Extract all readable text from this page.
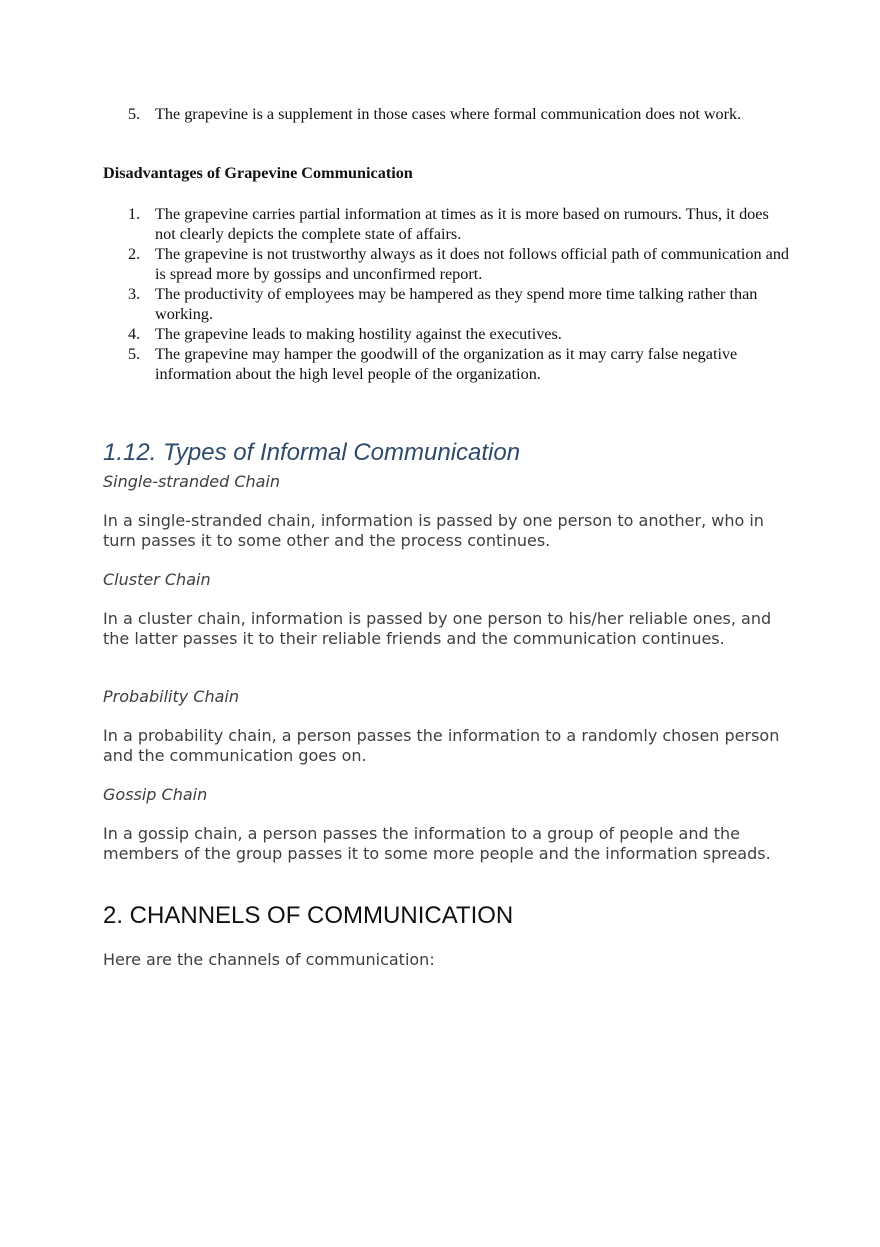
5. The grapevine is a supplement in those cases where formal communication does not work.
Disadvantages of Grapevine Communication
1. The grapevine carries partial information at times as it is more based on rumours. Thus, it does not clearly depicts the complete state of affairs.
2. The grapevine is not trustworthy always as it does not follows official path of communication and is spread more by gossips and unconfirmed report.
3. The productivity of employees may be hampered as they spend more time talking rather than working.
4. The grapevine leads to making hostility against the executives.
5. The grapevine may hamper the goodwill of the organization as it may carry false negative information about the high level people of the organization.
1.12. Types of Informal Communication
Single-stranded Chain
In a single-stranded chain, information is passed by one person to another, who in turn passes it to some other and the process continues.
Cluster Chain
In a cluster chain, information is passed by one person to his/her reliable ones, and the latter passes it to their reliable friends and the communication continues.
Probability Chain
In a probability chain, a person passes the information to a randomly chosen person and the communication goes on.
Gossip Chain
In a gossip chain, a person passes the information to a group of people and the members of the group passes it to some more people and the information spreads.
2. CHANNELS OF COMMUNICATION
Here are the channels of communication:
